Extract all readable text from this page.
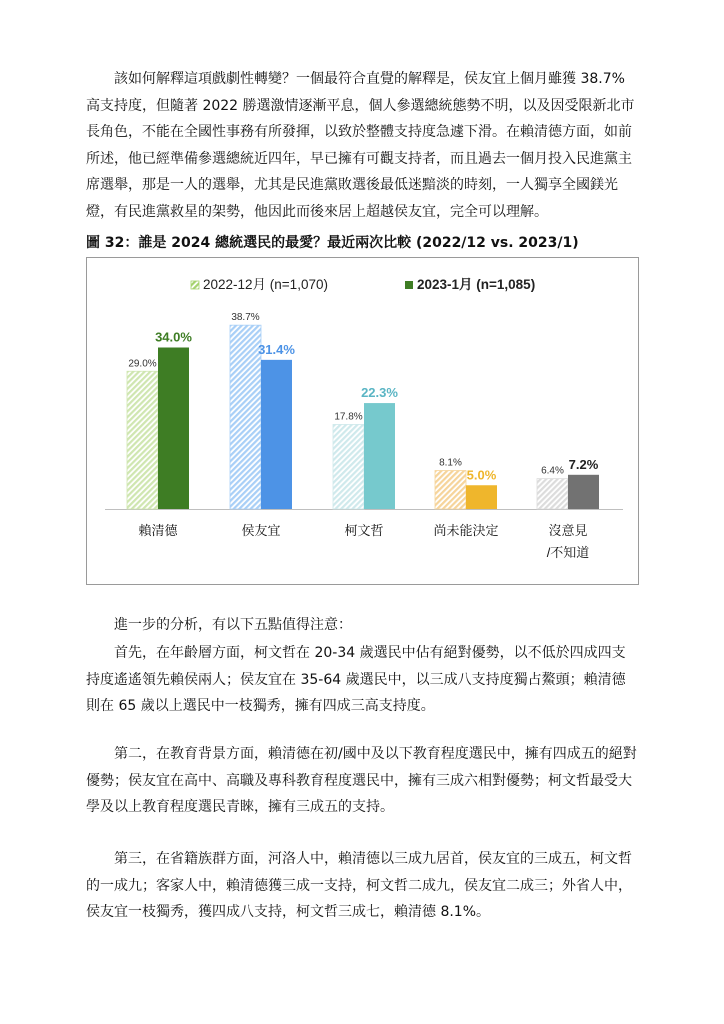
該如何解釋這項戲劇性轉變？一個最符合直覺的解釋是，侯友宜上個月雖獲 38.7% 高支持度，但隨著 2022 勝選激情逐漸平息，個人參選總統態勢不明，以及因受限新北市長角色，不能在全國性事務有所發揮，以致於整體支持度急遽下滑。在賴清德方面，如前所述，他已經準備參選總統近四年，早已擁有可觀支持者，而且過去一個月投入民進黨主席選舉，那是一人的選舉，尤其是民進黨敗選後最低迷黯淡的時刻，一人獨享全國鎂光燈，有民進黨救星的架勢，他因此而後來居上超越侯友宜，完全可以理解。

圖 32：誰是 2024 總統選民的最愛？最近兩次比較 (2022/12 vs. 2023/1)
2022-12月 (n=1,070)	2023-1月 (n=1,085)
29.0%
34.0%
賴清德
38.7%
31.4%
侯友宜
17.8%
22.3%
柯文哲
8.1%
5.0%
尚未能決定
6.4% 7.2%
沒意見
/不知道

進一步的分析，有以下五點值得注意：

首先，在年齡層方面，柯文哲在 20-34 歲選民中佔有絕對優勢，以不低於四成四支持度遙遙領先賴侯兩人；侯友宜在 35-64 歲選民中，以三成八支持度獨占鰲頭；賴清德則在 65 歲以上選民中一枝獨秀，擁有四成三高支持度。

第二，在教育背景方面，賴清德在初/國中及以下教育程度選民中，擁有四成五的絕對優勢；侯友宜在高中、高職及專科教育程度選民中，擁有三成六相對優勢；柯文哲最受大學及以上教育程度選民青睞，擁有三成五的支持。

第三，在省籍族群方面，河洛人中，賴清德以三成九居首，侯友宜的三成五，柯文哲的一成九；客家人中，賴清德獲三成一支持，柯文哲二成九，侯友宜二成三；外省人中，侯友宜一枝獨秀，獲四成八支持，柯文哲三成七，賴清德 8.1%。
